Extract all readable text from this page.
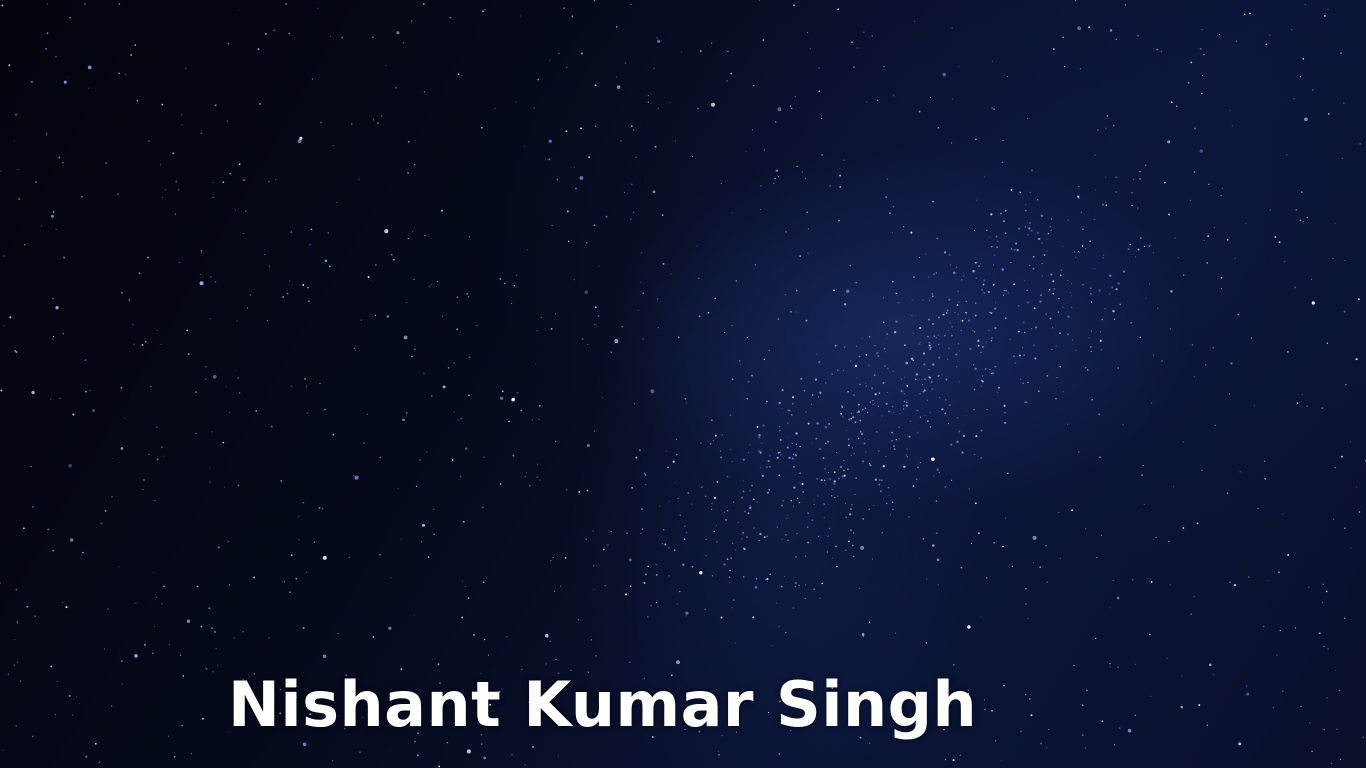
Nishant Kumar Singh
